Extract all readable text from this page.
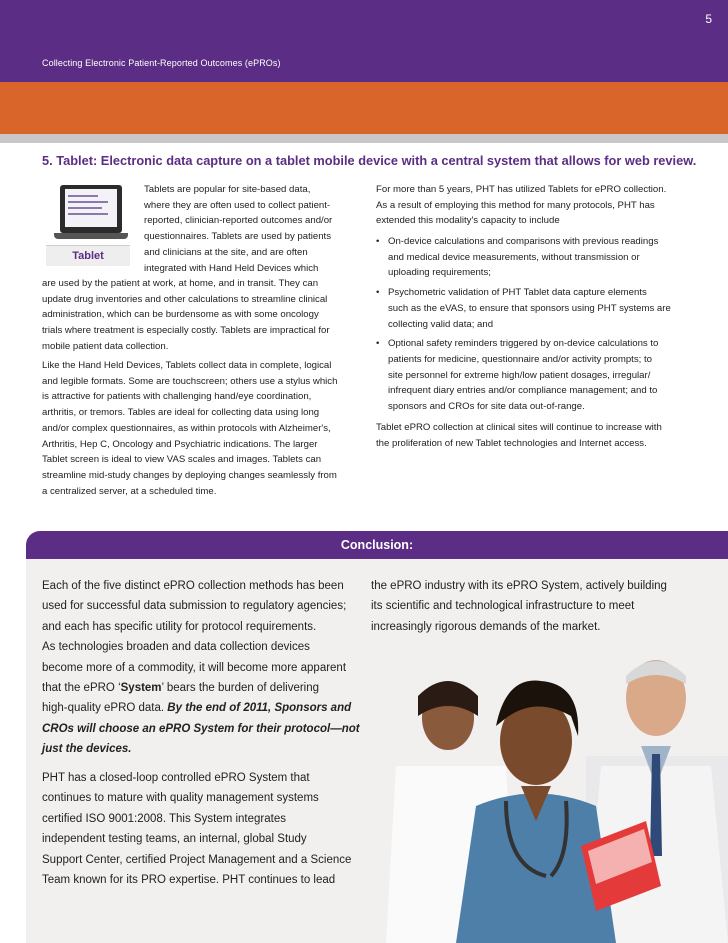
5
Collecting Electronic Patient-Reported Outcomes (ePROs)
5. Tablet: Electronic data capture on a tablet mobile device with a central system that allows for web review.
Tablet
Tablets are popular for site-based data,
where they are often used to collect patient-
reported, clinician-reported outcomes and/or
questionnaires. Tablets are used by patients
and clinicians at the site, and are often
integrated with Hand Held Devices which
are used by the patient at work, at home, and in transit. They can
update drug inventories and other calculations to streamline clinical
administration, which can be burdensome as with some oncology
trials where treatment is especially costly. Tablets are impractical for
mobile patient data collection.
Like the Hand Held Devices, Tablets collect data in complete, logical
and legible formats. Some are touchscreen; others use a stylus which
is attractive for patients with challenging hand/eye coordination,
arthritis, or tremors. Tables are ideal for collecting data using long
and/or complex questionnaires, as within protocols with Alzheimer's,
Arthritis, Hep C, Oncology and Psychiatric indications. The larger
Tablet screen is ideal to view VAS scales and images. Tablets can
streamline mid-study changes by deploying changes seamlessly from
a centralized server, at a scheduled time.
For more than 5 years, PHT has utilized Tablets for ePRO collection.
As a result of employing this method for many protocols, PHT has
extended this modality's capacity to include
• On-device calculations and comparisons with previous readings
and medical device measurements, without transmission or
uploading requirements;
• Psychometric validation of PHT Tablet data capture elements
such as the eVAS, to ensure that sponsors using PHT systems are
collecting valid data; and
• Optional safety reminders triggered by on-device calculations to
patients for medicine, questionnaire and/or activity prompts; to
site personnel for extreme high/low patient dosages, irregular/
infrequent diary entries and/or compliance management; and to
sponsors and CROs for site data out-of-range.
Tablet ePRO collection at clinical sites will continue to increase with
the proliferation of new Tablet technologies and Internet access.
Conclusion:
Each of the five distinct ePRO collection methods has been
used for successful data submission to regulatory agencies;
and each has specific utility for protocol requirements.
As technologies broaden and data collection devices
become more of a commodity, it will become more apparent
that the ePRO ‘System’ bears the burden of delivering
high-quality ePRO data. By the end of 2011, Sponsors and
CROs will choose an ePRO System for their protocol—not
just the devices.
PHT has a closed-loop controlled ePRO System that
continues to mature with quality management systems
certified ISO 9001:2008. This System integrates
independent testing teams, an internal, global Study
Support Center, certified Project Management and a Science
Team known for its PRO expertise. PHT continues to lead
the ePRO industry with its ePRO System, actively building
its scientific and technological infrastructure to meet
increasingly rigorous demands of the market.
